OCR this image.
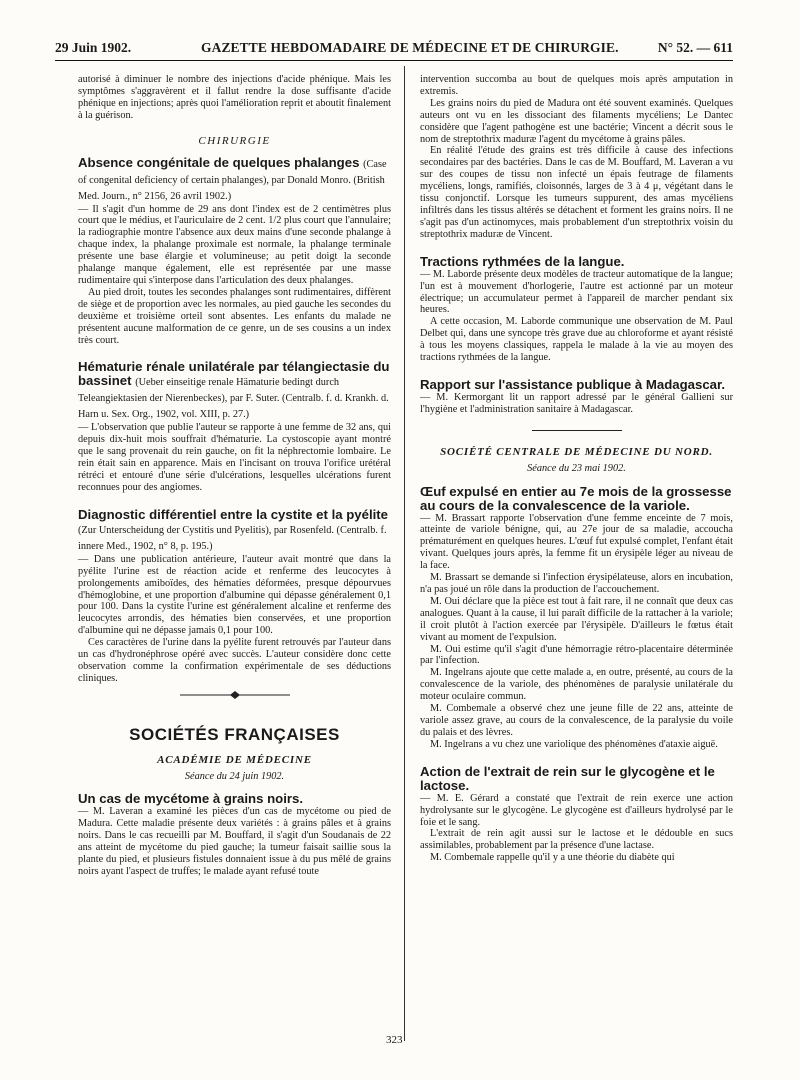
29 Juin 1902.	GAZETTE HEBDOMADAIRE DE MÉDECINE ET DE CHIRURGIE.	N° 52. — 611

autorisé à diminuer le nombre des injections d'acide phénique. Mais les symptômes s'aggravèrent et il fallut rendre la dose suffisante d'acide phénique en injections; après quoi l'amélioration reprit et aboutit finalement à la guérison.

CHIRURGIE
Absence congénitale de quelques phalanges (Case of congenital deficiency of certain phalanges), par Donald Monro. (British Med. Journ., n° 2156, 26 avril 1902.)

— Il s'agit d'un homme de 29 ans dont l'index est de 2 centimètres plus court que le médius, et l'auriculaire de 2 cent. 1/2 plus court que l'annulaire; la radiographie montre l'absence aux deux mains d'une seconde phalange à chaque index, la phalange proximale est normale, la phalange terminale présente une base élargie et volumineuse; au petit doigt la seconde phalange manque également, elle est représentée par une masse rudimentaire qui s'interpose dans l'articulation des deux phalanges.

Au pied droit, toutes les secondes phalanges sont rudimentaires, diffèrent de siège et de proportion avec les normales, au pied gauche les secondes du deuxième et troisième orteil sont absentes. Les enfants du malade ne présentent aucune malformation de ce genre, un de ses cousins a un index très court.

Hématurie rénale unilatérale par télangiectasie du bassinet (Ueber einseitige renale Hämaturie bedingt durch Teleangiektasien der Nierenbeckes), par F. Suter. (Centralb. f. d. Krankh. d. Harn u. Sex. Org., 1902, vol. XIII, p. 27.)

— L'observation que publie l'auteur se rapporte à une femme de 32 ans, qui depuis dix-huit mois souffrait d'hématurie. La cystoscopie ayant montré que le sang provenait du rein gauche, on fit la néphrectomie lombaire. Le rein était sain en apparence. Mais en l'incisant on trouva l'orifice urétéral rétréci et entouré d'une série d'ulcérations, lesquelles ulcérations furent reconnues pour des angiomes.

Diagnostic différentiel entre la cystite et la pyélite (Zur Unterscheidung der Cystitis und Pyelitis), par Rosenfeld. (Centralb. f. innere Med., 1902, n° 8, p. 195.)

— Dans une publication antérieure, l'auteur avait montré que dans la pyélite l'urine est de réaction acide et renferme des leucocytes à prolongements amiboïdes, des hématies déformées, presque dépourvues d'hémoglobine, et une proportion d'albumine qui dépasse généralement 0,1 pour 100. Dans la cystite l'urine est généralement alcaline et renferme des leucocytes arrondis, des hématies bien conservées, et une proportion d'albumine qui ne dépasse jamais 0,1 pour 100.

Ces caractères de l'urine dans la pyélite furent retrouvés par l'auteur dans un cas d'hydronéphrose opéré avec succès. L'auteur considère donc cette observation comme la confirmation expérimentale de ses déductions cliniques.

SOCIÉTÉS FRANÇAISES
ACADÉMIE DE MÉDECINE
Séance du 24 juin 1902.
Un cas de mycétome à grains noirs.

— M. Laveran a examiné les pièces d'un cas de mycétome ou pied de Madura. Cette maladie présente deux variétés : à grains pâles et à grains noirs. Dans le cas recueilli par M. Bouffard, il s'agit d'un Soudanais de 22 ans atteint de mycétome du pied gauche; la tumeur faisait saillie sous la plante du pied, et plusieurs fistules donnaient issue à du pus mêlé de grains noirs ayant l'aspect de truffes; le malade ayant refusé toute

intervention succomba au bout de quelques mois après amputation in extremis.

Les grains noirs du pied de Madura ont été souvent examinés. Quelques auteurs ont vu en les dissociant des filaments mycéliens; Le Dantec considère que l'agent pathogène est une bactérie; Vincent a décrit sous le nom de streptothrix maduræ l'agent du mycétome à grains pâles.

En réalité l'étude des grains est très difficile à cause des infections secondaires par des bactéries. Dans le cas de M. Bouffard, M. Laveran a vu sur des coupes de tissu non infecté un épais feutrage de filaments mycéliens, longs, ramifiés, cloisonnés, larges de 3 à 4 μ, végétant dans le tissu conjonctif. Lorsque les tumeurs suppurent, des amas mycéliens infiltrés dans les tissus altérés se détachent et forment les grains noirs. Il ne s'agit pas d'un actinomyces, mais probablement d'un streptothrix voisin du streptothrix maduræ de Vincent.

Tractions rythmées de la langue.

— M. Laborde présente deux modèles de tracteur automatique de la langue; l'un est à mouvement d'horlogerie, l'autre est actionné par un moteur électrique; un accumulateur permet à l'appareil de marcher pendant six heures.

A cette occasion, M. Laborde communique une observation de M. Paul Delbet qui, dans une syncope très grave due au chloroforme et ayant résisté à tous les moyens classiques, rappela le malade à la vie au moyen des tractions rythmées de la langue.

Rapport sur l'assistance publique à Madagascar.

— M. Kermorgant lit un rapport adressé par le général Gallieni sur l'hygiène et l'administration sanitaire à Madagascar.

SOCIÉTÉ CENTRALE DE MÉDECINE DU NORD.
Séance du 23 mai 1902.
Œuf expulsé en entier au 7e mois de la grossesse au cours de la convalescence de la variole.

— M. Brassart rapporte l'observation d'une femme enceinte de 7 mois, atteinte de variole bénigne, qui, au 27e jour de sa maladie, accoucha prématurément en quelques heures. L'œuf fut expulsé complet, l'enfant était vivant. Quelques jours après, la femme fit un érysipèle léger au niveau de la face.

M. Brassart se demande si l'infection érysipélateuse, alors en incubation, n'a pas joué un rôle dans la production de l'accouchement.

M. Oui déclare que la pièce est tout à fait rare, il ne connaît que deux cas analogues. Quant à la cause, il lui paraît difficile de la rattacher à la variole; il croit plutôt à l'action exercée par l'érysipèle. D'ailleurs le fœtus était vivant au moment de l'expulsion.

M. Oui estime qu'il s'agit d'une hémorragie rétro-placentaire déterminée par l'infection.

M. Ingelrans ajoute que cette malade a, en outre, présenté, au cours de la convalescence de la variole, des phénomènes de paralysie unilatérale du moteur oculaire commun.

M. Combemale a observé chez une jeune fille de 22 ans, atteinte de variole assez grave, au cours de la convalescence, de la paralysie du voile du palais et des lèvres.

M. Ingelrans a vu chez une variolique des phénomènes d'ataxie aiguë.

Action de l'extrait de rein sur le glycogène et le lactose.

— M. E. Gérard a constaté que l'extrait de rein exerce une action hydrolysante sur le glycogène. Le glycogène est d'ailleurs hydrolysé par le foie et le sang.

L'extrait de rein agit aussi sur le lactose et le dédouble en sucs assimilables, probablement par la présence d'une lactase.

M. Combemale rappelle qu'il y a une théorie du diabète qui

323
